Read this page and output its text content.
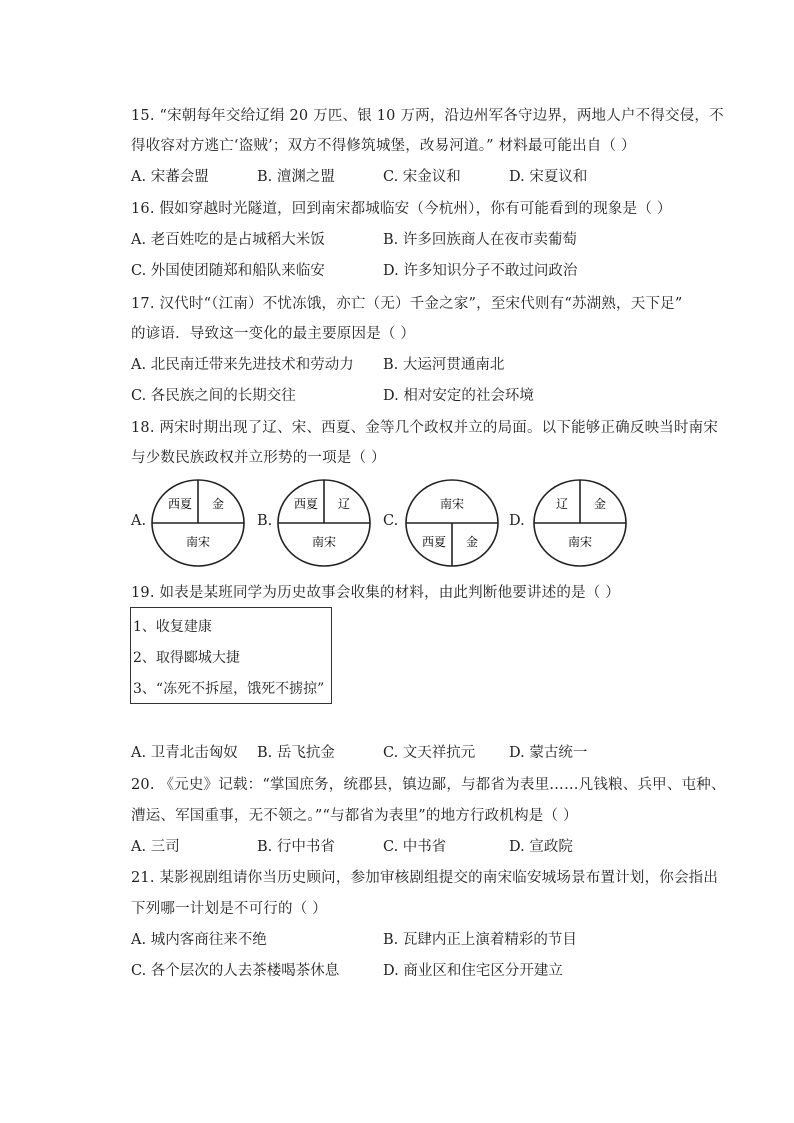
15. “宋朝每年交给辽绢 20 万匹、银 10 万两，沿边州军各守边界，两地人户不得交侵，不
得收容对方逃亡‘盗贼’；双方不得修筑城堡，改易河道。” 材料最可能出自（ ）
A. 宋蕃会盟	B. 澶渊之盟	C. 宋金议和	D. 宋夏议和
16. 假如穿越时光隧道，回到南宋都城临安（今杭州），你有可能看到的现象是（ ）
A. 老百姓吃的是占城稻大米饭	B. 许多回族商人在夜市卖葡萄
C. 外国使团随郑和船队来临安	D. 许多知识分子不敢过问政治
17. 汉代时“（江南）不忧冻饿，亦亡（无）千金之家”，至宋代则有“苏湖熟，天下足”
的谚语．导致这一变化的最主要原因是（ ）
A. 北民南迁带来先进技术和劳动力 B. 大运河贯通南北
C. 各民族之间的长期交往	D. 相对安定的社会环境
18. 两宋时期出现了辽、宋、西夏、金等几个政权并立的局面。以下能够正确反映当时南宋
与少数民族政权并立形势的一项是（ ）
A.
西夏 金
南宋
B.
西夏 辽
南宋
C.
南宋
西夏 金
D.
辽 金
南宋
19. 如表是某班同学为历史故事会收集的材料，由此判断他要讲述的是（ ）
1、收复建康
2、取得郾城大捷
3、“冻死不拆屋，饿死不掳掠”
A. 卫青北击匈奴 B. 岳飞抗金	C. 文天祥抗元 D. 蒙古统一
20. 《元史》记载：“掌国庶务，统郡县，镇边鄙，与都省为表里……凡钱粮、兵甲、屯种、
漕运、军国重事，无不领之。”“与都省为表里”的地方行政机构是（ ）
A. 三司	B. 行中书省	C. 中书省	D. 宣政院
21. 某影视剧组请你当历史顾问，参加审核剧组提交的南宋临安城场景布置计划，你会指出
下列哪一计划是不可行的（ ）
A. 城内客商往来不绝	B. 瓦肆内正上演着精彩的节目
C. 各个层次的人去茶楼喝茶休息	D. 商业区和住宅区分开建立
